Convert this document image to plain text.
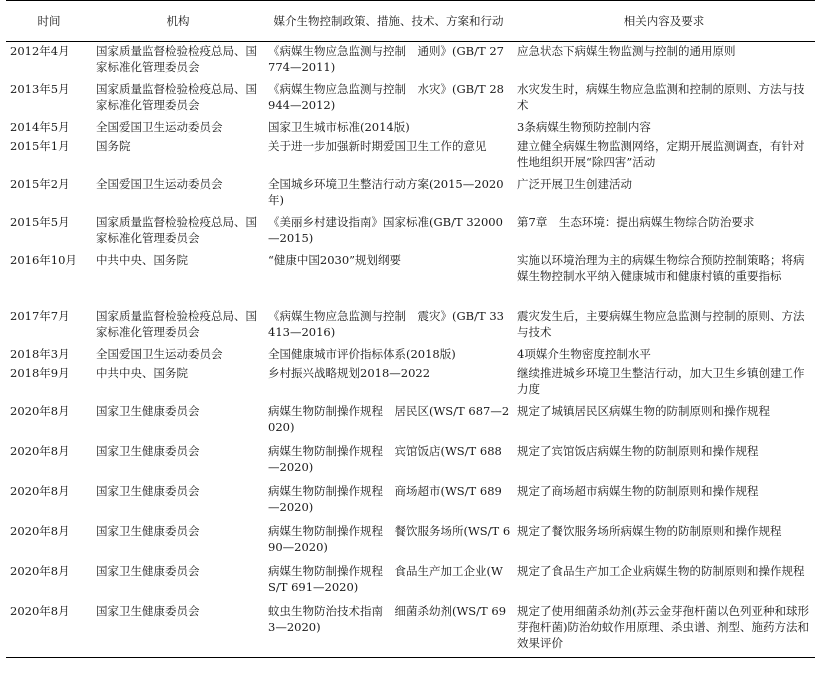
时间	机构	媒介生物控制政策、措施、技术、方案和行动	相关内容及要求
2012年4月	国家质量监督检验检疫总局、国家标准化管理委员会	《病媒生物应急监测与控制　通则》(GB/T 27774—2011)	应急状态下病媒生物监测与控制的通用原则
2013年5月	国家质量监督检验检疫总局、国家标准化管理委员会	《病媒生物应急监测与控制　水灾》(GB/T 28944—2012)	水灾发生时，病媒生物应急监测和控制的原则、方法与技术
2014年5月	全国爱国卫生运动委员会	国家卫生城市标准(2014版)	3条病媒生物预防控制内容
2015年1月	国务院	关于进一步加强新时期爱国卫生工作的意见	建立健全病媒生物监测网络，定期开展监测调查，有针对性地组织开展“除四害”活动
2015年2月	全国爱国卫生运动委员会	全国城乡环境卫生整洁行动方案(2015—2020年)	广泛开展卫生创建活动
2015年5月	国家质量监督检验检疫总局、国家标准化管理委员会	《美丽乡村建设指南》国家标准(GB/T 32000—2015)	第7章　生态环境：提出病媒生物综合防治要求
2016年10月	中共中央、国务院	“健康中国2030”规划纲要	实施以环境治理为主的病媒生物综合预防控制策略；将病媒生物控制水平纳入健康城市和健康村镇的重要指标
2017年7月	国家质量监督检验检疫总局、国家标准化管理委员会	《病媒生物应急监测与控制　震灾》(GB/T 33413—2016)	震灾发生后，主要病媒生物应急监测与控制的原则、方法与技术
2018年3月	全国爱国卫生运动委员会	全国健康城市评价指标体系(2018版)	4项媒介生物密度控制水平
2018年9月	中共中央、国务院	乡村振兴战略规划2018—2022	继续推进城乡环境卫生整洁行动，加大卫生乡镇创建工作力度
2020年8月	国家卫生健康委员会	病媒生物防制操作规程　居民区(WS/T 687—2020)	规定了城镇居民区病媒生物的防制原则和操作规程
2020年8月	国家卫生健康委员会	病媒生物防制操作规程　宾馆饭店(WS/T 688—2020)	规定了宾馆饭店病媒生物的防制原则和操作规程
2020年8月	国家卫生健康委员会	病媒生物防制操作规程　商场超市(WS/T 689—2020)	规定了商场超市病媒生物的防制原则和操作规程
2020年8月	国家卫生健康委员会	病媒生物防制操作规程　餐饮服务场所(WS/T 690—2020)	规定了餐饮服务场所病媒生物的防制原则和操作规程
2020年8月	国家卫生健康委员会	病媒生物防制操作规程　食品生产加工企业(WS/T 691—2020)	规定了食品生产加工企业病媒生物的防制原则和操作规程
2020年8月	国家卫生健康委员会	蚊虫生物防治技术指南　细菌杀幼剂(WS/T 693—2020)	规定了使用细菌杀幼剂(苏云金芽孢杆菌以色列亚种和球形芽孢杆菌)防治幼蚊作用原理、杀虫谱、剂型、施药方法和效果评价
